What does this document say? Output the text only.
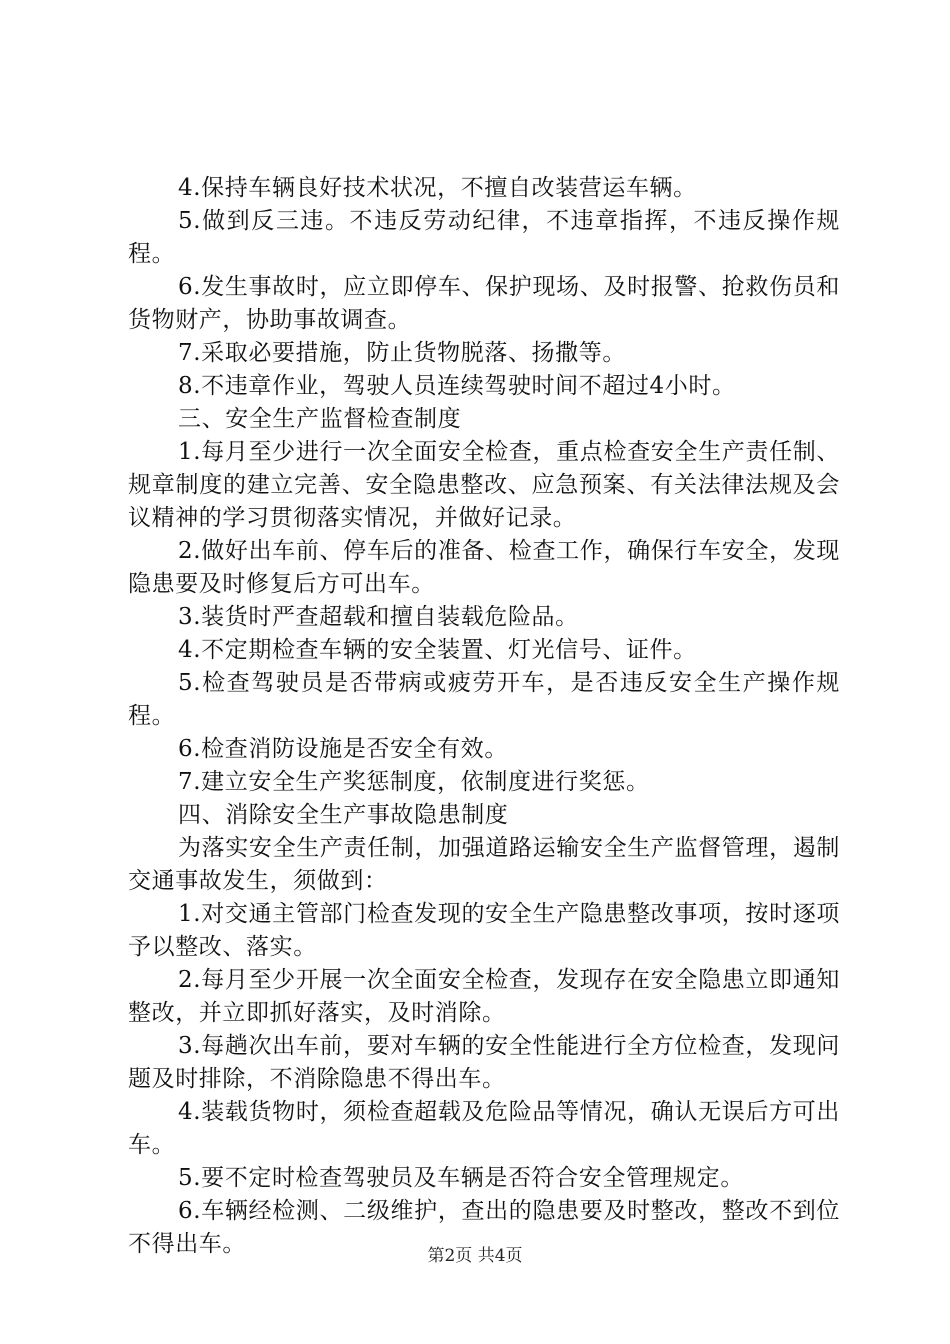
4.保持车辆良好技术状况，不擅自改装营运车辆。

5.做到反三违。不违反劳动纪律，不违章指挥，不违反操作规程。

6.发生事故时，应立即停车、保护现场、及时报警、抢救伤员和货物财产，协助事故调查。

7.采取必要措施，防止货物脱落、扬撒等。

8.不违章作业，驾驶人员连续驾驶时间不超过4小时。

三、安全生产监督检查制度

1.每月至少进行一次全面安全检查，重点检查安全生产责任制、规章制度的建立完善、安全隐患整改、应急预案、有关法律法规及会议精神的学习贯彻落实情况，并做好记录。

2.做好出车前、停车后的准备、检查工作，确保行车安全，发现隐患要及时修复后方可出车。

3.装货时严查超载和擅自装载危险品。

4.不定期检查车辆的安全装置、灯光信号、证件。

5.检查驾驶员是否带病或疲劳开车，是否违反安全生产操作规程。

6.检查消防设施是否安全有效。

7.建立安全生产奖惩制度，依制度进行奖惩。

四、消除安全生产事故隐患制度

为落实安全生产责任制，加强道路运输安全生产监督管理，遏制交通事故发生，须做到：

1.对交通主管部门检查发现的安全生产隐患整改事项，按时逐项予以整改、落实。

2.每月至少开展一次全面安全检查，发现存在安全隐患立即通知整改，并立即抓好落实，及时消除。

3.每趟次出车前，要对车辆的安全性能进行全方位检查，发现问题及时排除，不消除隐患不得出车。

4.装载货物时，须检查超载及危险品等情况，确认无误后方可出车。

5.要不定时检查驾驶员及车辆是否符合安全管理规定。

6.车辆经检测、二级维护，查出的隐患要及时整改，整改不到位不得出车。	第2页 共4页
